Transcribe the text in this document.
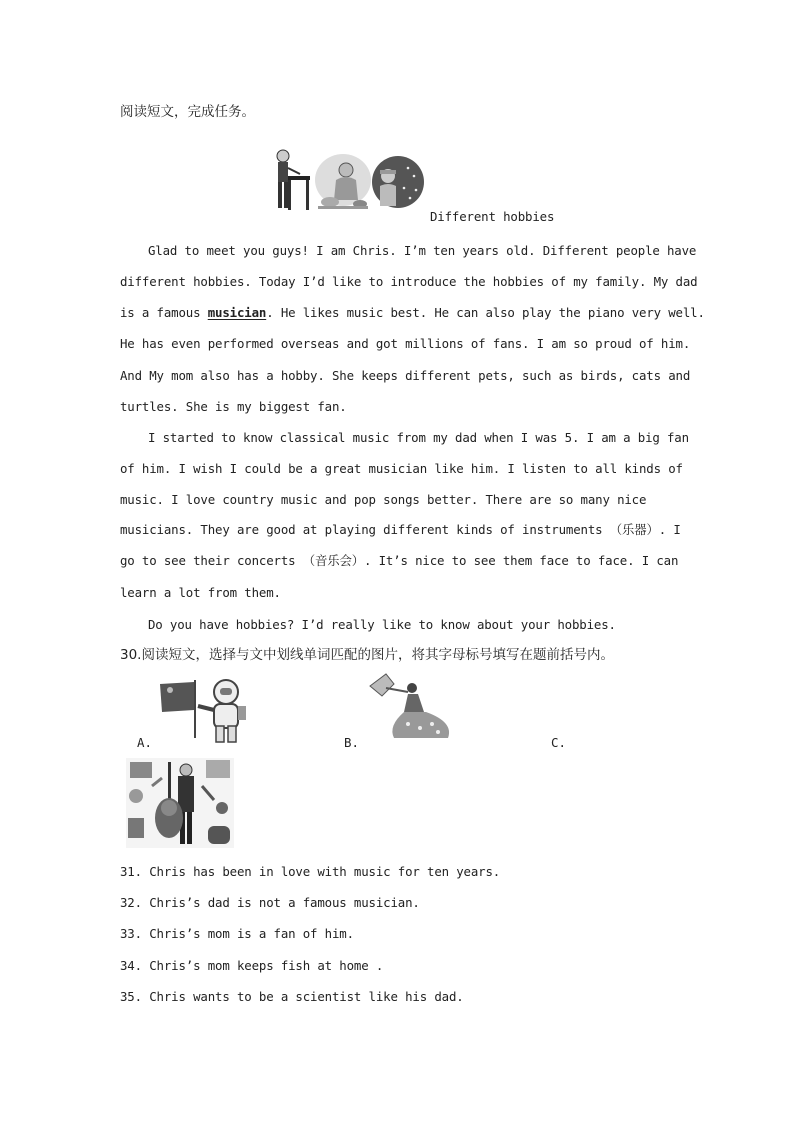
阅读短文，完成任务。
Different hobbies
Glad to meet you guys! I am Chris. I’m ten years old. Different people have
different hobbies. Today I’d like to introduce the hobbies of my family. My dad
is a famous musician. He likes music best. He can also play the piano very well.
He has even performed overseas and got millions of fans. I am so proud of him.
And My mom also has a hobby. She keeps different pets, such as birds, cats and
turtles. She is my biggest fan.
I started to know classical music from my dad when I was 5. I am a big fan
of him. I wish I could be a great musician like him. I listen to all kinds of
music. I love country music and pop songs better. There are so many nice
musicians. They are good at playing different kinds of instruments （乐器）. I
go to see their concerts （音乐会）. It’s nice to see them face to face. I can
learn a lot from them.
Do you have hobbies? I’d really like to know about your hobbies.
30.阅读短文，选择与文中划线单词匹配的图片，将其字母标号填写在题前括号内。
A.	B.	C.
31. Chris has been in love with music for ten years.
32. Chris’s dad is not a famous musician.
33. Chris’s mom is a fan of him.
34. Chris’s mom keeps fish at home .
35. Chris wants to be a scientist like his dad.
